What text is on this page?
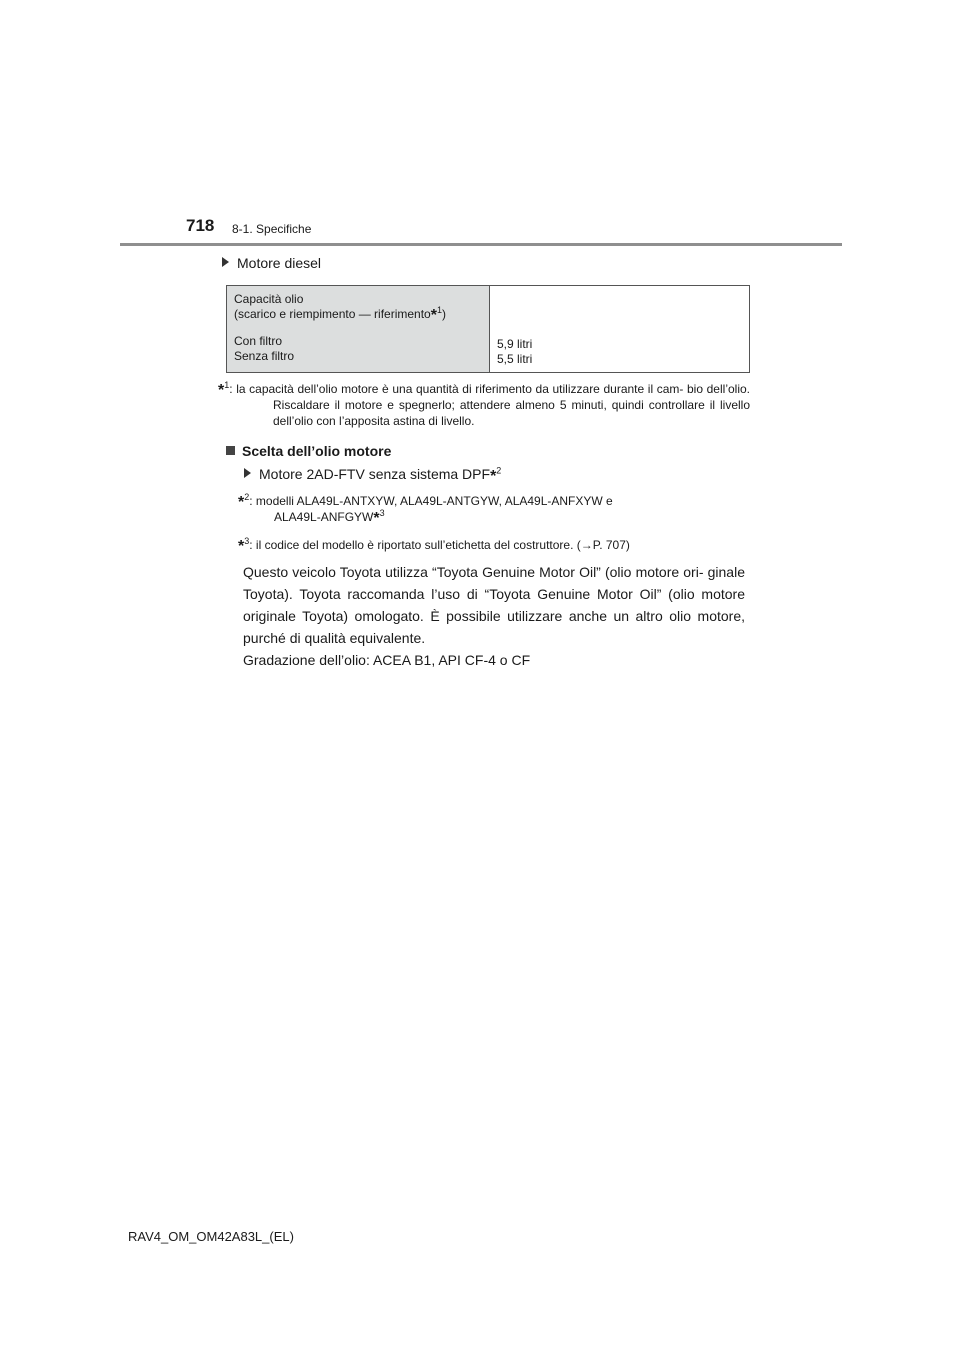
718 8-1. Specifiche
Motore diesel
Capacità olio
(scarico e riempimento — riferimento*$^1$)
Con filtro
Senza filtro
5,9 litri
5,5 litri
*$^1$: la capacità dell’olio motore è una quantità di riferimento da utilizzare durante il cam- bio dell’olio. Riscaldare il motore e spegnerlo; attendere almeno 5 minuti, quindi controllare il livello dell’olio con l’apposita astina di livello.
Scelta dell’olio motore
Motore 2AD-FTV senza sistema DPF*$^2$
*$^2$: modelli ALA49L-ANTXYW, ALA49L-ANTGYW, ALA49L-ANFXYW e
ALA49L-ANFGYW*$^3$
*$^3$: il codice del modello è riportato sull’etichetta del costruttore. (→P. 707)
Questo veicolo Toyota utilizza “Toyota Genuine Motor Oil” (olio motore ori- ginale Toyota). Toyota raccomanda l’uso di “Toyota Genuine Motor Oil” (olio motore originale Toyota) omologato. È possibile utilizzare anche un altro olio motore, purché di qualità equivalente.
Gradazione dell’olio: ACEA B1, API CF-4 o CF
RAV4_OM_OM42A83L_(EL)
